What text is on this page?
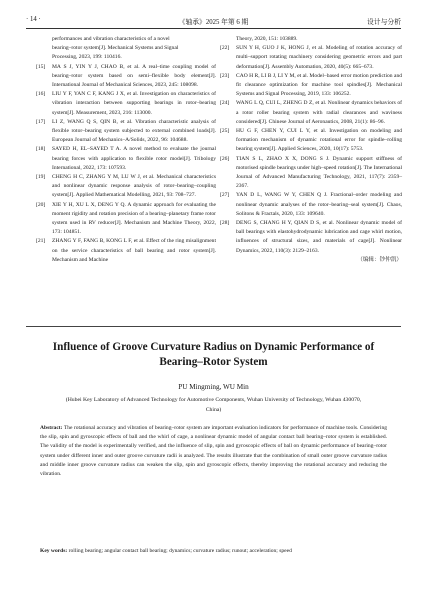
· 14 ·	《轴承》2025 年第 6 期	设计与分析

performances and vibration characteristics of a novel

bearing–rotor system[J]. Mechanical Systems and Signal

Processing, 2023, 199: 110416.

[15] MA S J, YIN Y J, CHAO B, et al. A real–time coupling model of bearing–rotor system based on semi–flexible body element[J]. International Journal of Mechanical Sciences, 2023, 245: 108098.

[16] LIU Y F, YAN C F, KANG J X, et al. Investigation on characteristics of vibration interaction between supporting bearings in rotor–bearing system[J]. Measurement, 2023, 216: 113000.

[17] LI Z, WANG Q S, QIN B, et al. Vibration characteristic analysis of flexible rotor–bearing system subjected to external combined loads[J]. European Journal of Mechanics–A/Solids, 2022, 96: 104688.

[18] SAYED H, EL–SAYED T A. A novel method to evaluate the journal bearing forces with application to flexible rotor model[J]. Tribology International, 2022, 173: 107593.

[19] CHENG H C, ZHANG Y M, LU W J, et al. Mechanical characteristics and nonlinear dynamic response analysis of rotor–bearing–coupling system[J]. Applied Mathematical Modelling, 2021, 93: 708–727.

[20] XIE Y H, XU L X, DENG Y Q. A dynamic approach for evaluating the moment rigidity and rotation precision of a bearing–planetary frame rotor system used in RV reducer[J]. Mechanism and Machine Theory, 2022, 173: 104851.

[21] ZHANG Y F, FANG B, KONG L F, et al. Effect of the ring misalignment on the service characteristics of ball bearing and rotor system[J]. Mechanism and Machine

Theory, 2020, 151: 103889.

[22] SUN Y H, GUO J K, HONG J, et al. Modeling of rotation accuracy of multi–support rotating machinery considering geometric errors and part deformation[J]. Assembly Automation, 2020, 40(5): 665–673.

[23] CAO H R, LI B J, LI Y M, et al. Model–based error motion prediction and fit clearance optimization for machine tool spindles[J]. Mechanical Systems and Signal Processing, 2019, 133: 106252.

[24] WANG L Q, CUI L, ZHENG D Z, et al. Nonlinear dynamics behaviors of a rotor roller bearing system with radial clearances and waviness considered[J]. Chinese Journal of Aeronautics, 2008, 21(1): 86–96.

[25] HU G F, CHEN Y, CUI L Y, et al. Investigation on modeling and formation mechanism of dynamic rotational error for spindle–rolling bearing system[J]. Applied Sciences, 2020, 10(17): 5753.

[26] TIAN S L, ZHAO X X, DONG S J. Dynamic support stiffness of motorised spindle bearings under high–speed rotation[J]. The International Journal of Advanced Manufacturing Technology, 2021, 117(7): 2359–2367.

[27] YAN D L, WANG W Y, CHEN Q J. Fractional–order modeling and nonlinear dynamic analyses of the rotor–bearing–seal system[J]. Chaos, Solitons & Fractals, 2020, 133: 109640.

[28] DENG S, CHANG H Y, QIAN D S, et al. Nonlinear dynamic model of ball bearings with elastohydrodynamic lubrication and cage whirl motion, influences of structural sizes, and materials of cage[J]. Nonlinear Dynamics, 2022, 110(3): 2129–2163.

（编辑：钞仲凯）
Influence of Groove Curvature Radius on Dynamic Performance of Bearing–Rotor System
PU Mingming, WU Min
(Hubei Key Laboratory of Advanced Technology for Automotive Components, Wuhan University of Technology, Wuhan 430070, China)
Abstract: The rotational accuracy and vibration of bearing–rotor system are important evaluation indicators for performance of machine tools. Considering the slip, spin and gyroscopic effects of ball and the whirl of cage, a nonlinear dynamic model of angular contact ball bearing–rotor system is established. The validity of the model is experimentally verified, and the influence of slip, spin and gyroscopic effects of ball on dynamic performance of bearing–rotor system under different inner and outer groove curvature radii is analyzed. The results illustrate that the combination of small outer groove curvature radius and middle inner groove curvature radius can weaken the slip, spin and gyroscopic effects, thereby improving the rotational accuracy and reducing the vibration.
Key words: rolling bearing; angular contact ball bearing; dynamics; curvature radius; runout; acceleration; speed
